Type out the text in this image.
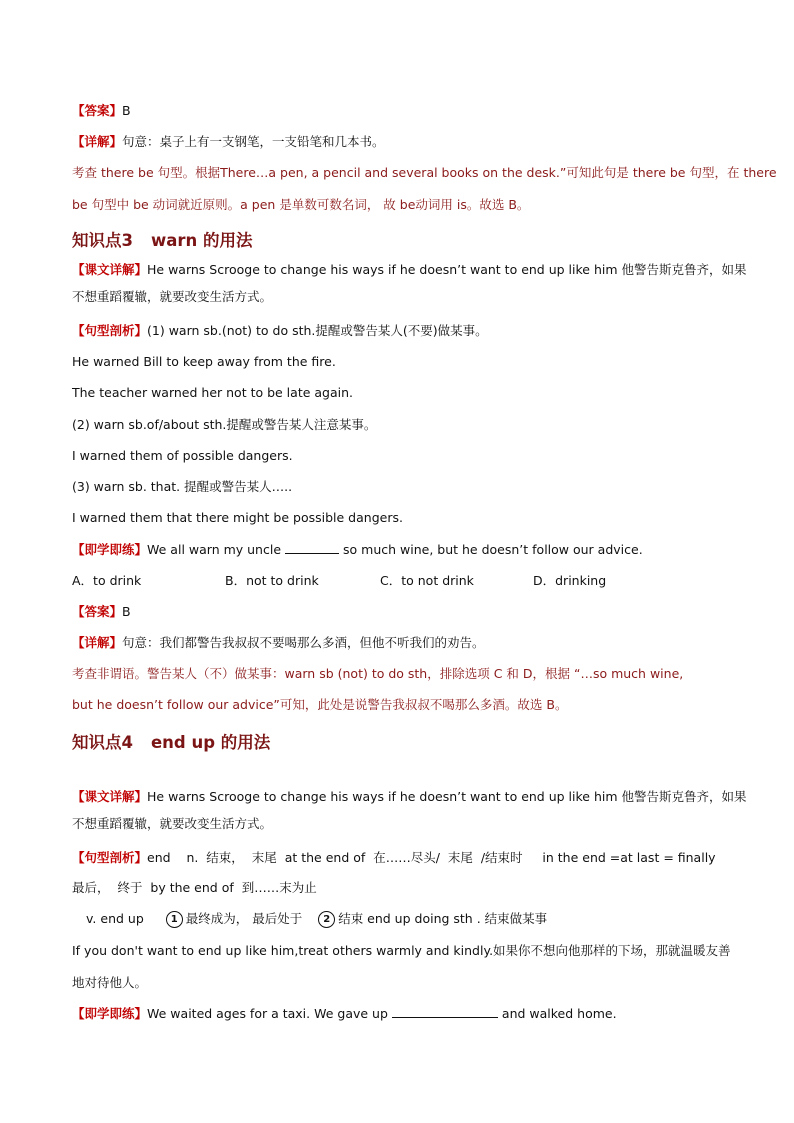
【答案】B
【详解】句意：桌子上有一支钢笔，一支铅笔和几本书。
考查 there be 句型。根据There…a pen, a pencil and several books on the desk.”可知此句是 there be 句型，在 there
be 句型中 be 动词就近原则。a pen 是单数可数名词， 故 be动词用 is。故选 B。
知识点3 warn 的用法
【课文详解】He warns Scrooge to change his ways if he doesn’t want to end up like him 他警告斯克鲁齐，如果
不想重蹈覆辙，就要改变生活方式。
【句型剖析】(1) warn sb.(not) to do sth.提醒或警告某人(不要)做某事。
He warned Bill to keep away from the fire.
The teacher warned her not to be late again.
(2) warn sb.of/about sth.提醒或警告某人注意某事。
I warned them of possible dangers.
(3) warn sb. that. 提醒或警告某人…..
I warned them that there might be possible dangers.
【即学即练】We all warn my uncle	so much wine, but he doesn’t follow our advice.
A．to drink	B．not to drink	C．to not drink	D．drinking
【答案】B
【详解】句意：我们都警告我叔叔不要喝那么多酒，但他不听我们的劝告。
考查非谓语。警告某人（不）做某事：warn sb (not) to do sth，排除选项 C 和 D，根据 “…so much wine,
but he doesn’t follow our advice”可知，此处是说警告我叔叔不喝那么多酒。故选 B。
知识点4 end up 的用法
【课文详解】He warns Scrooge to change his ways if he doesn’t want to end up like him 他警告斯克鲁齐，如果
不想重蹈覆辙，就要改变生活方式。
【句型剖析】end    n.  结束，  末尾  at the end of  在……尽头/  末尾  /结束时     in the end =at last = finally
最后，  终于  by the end of  到……末为止
v. end up	1 最终成为， 最后处于 2 结束 end up doing sth . 结束做某事
If you don't want to end up like him,treat others warmly and kindly.如果你不想向他那样的下场，那就温暖友善
地对待他人。
【即学即练】We waited ages for a taxi. We gave up	and walked home.
